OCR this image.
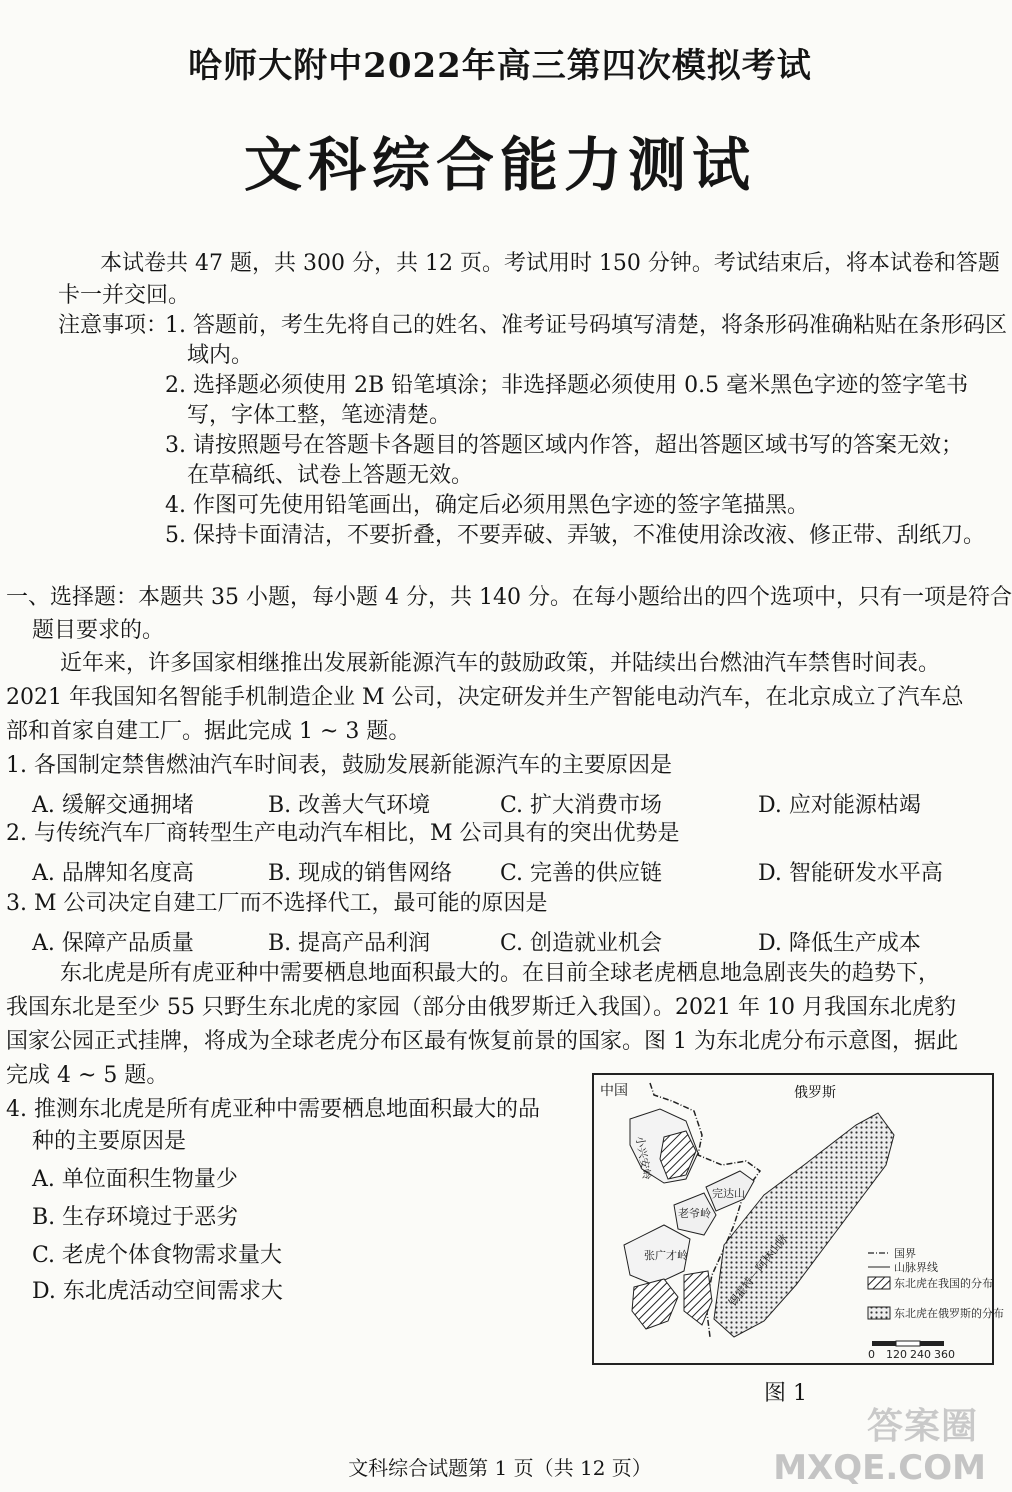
哈师大附中2022年高三第四次模拟考试
文科综合能力测试
本试卷共 47 题，共 300 分，共 12 页。考试用时 150 分钟。考试结束后，将本试卷和答题
卡一并交回。
注意事项：
1. 答题前，考生先将自己的姓名、准考证号码填写清楚，将条形码准确粘贴在条形码区
域内。
2. 选择题必须使用 2B 铅笔填涂；非选择题必须使用 0.5 毫米黑色字迹的签字笔书
写，字体工整，笔迹清楚。
3. 请按照题号在答题卡各题目的答题区域内作答，超出答题区域书写的答案无效；
在草稿纸、试卷上答题无效。
4. 作图可先使用铅笔画出，确定后必须用黑色字迹的签字笔描黑。
5. 保持卡面清洁，不要折叠，不要弄破、弄皱，不准使用涂改液、修正带、刮纸刀。
一、选择题：本题共 35 小题，每小题 4 分，共 140 分。在每小题给出的四个选项中，只有一项是符合
题目要求的。
近年来，许多国家相继推出发展新能源汽车的鼓励政策，并陆续出台燃油汽车禁售时间表。
2021 年我国知名智能手机制造企业 M 公司，决定研发并生产智能电动汽车，在北京成立了汽车总
部和首家自建工厂。据此完成 1 ~ 3 题。
1. 各国制定禁售燃油汽车时间表，鼓励发展新能源汽车的主要原因是
A. 缓解交通拥堵	B. 改善大气环境	C. 扩大消费市场	D. 应对能源枯竭
2. 与传统汽车厂商转型生产电动汽车相比，M 公司具有的突出优势是
A. 品牌知名度高	B. 现成的销售网络 C. 完善的供应链	D. 智能研发水平高
3. M 公司决定自建工厂而不选择代工，最可能的原因是
A. 保障产品质量	B. 提高产品利润	C. 创造就业机会	D. 降低生产成本
东北虎是所有虎亚种中需要栖息地面积最大的。在目前全球老虎栖息地急剧丧失的趋势下，
我国东北是至少 55 只野生东北虎的家园（部分由俄罗斯迁入我国）。2021 年 10 月我国东北虎豹
国家公园正式挂牌，将成为全球老虎分布区最有恢复前景的国家。图 1 为东北虎分布示意图，据此
完成 4 ~ 5 题。
4. 推测东北虎是所有虎亚种中需要栖息地面积最大的品
种的主要原因是
A. 单位面积生物量少
B. 生存环境过于恶劣
C. 老虎个体食物需求量大
D. 东北虎活动空间需求大
中国	俄罗斯
小兴安岭
完达山
老爷岭
张广才岭	锡霍特－阿林山脉	国界
山脉界线
东北虎在我国的分布
东北虎在俄罗斯的分布
0 120 240 360
图 1
答案圈
MXQE.COM
文科综合试题第 1 页（共 12 页）
